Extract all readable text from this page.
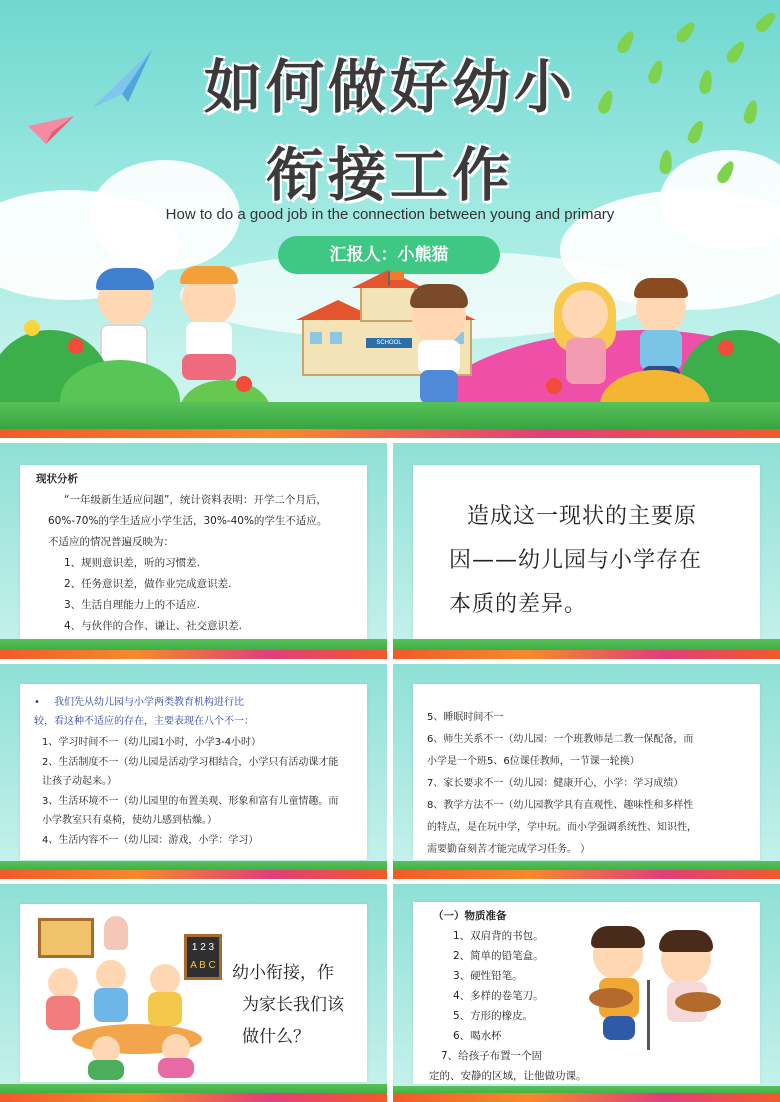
如何做好幼小
衔接工作
How to do a good job in the connection between young and primary
汇报人：小熊猫
SCHOOL
现状分析
“一年级新生适应问题”，统计资料表明：开学二个月后，
60%-70%的学生适应小学生活，30%-40%的学生不适应。
不适应的情况普遍反映为：
1、规则意识差，听的习惯差.
2、任务意识差，做作业完成意识差.
3、生活自理能力上的不适应.
4、与伙伴的合作、谦让、社交意识差.
造成这一现状的主要原
因——幼儿园与小学存在
本质的差异。
• 我们先从幼儿园与小学两类教育机构进行比
较，看这种不适应的存在，主要表现在八个不一：
1、学习时间不一（幼儿园1小时，小学3-4小时）
2、生活制度不一（幼儿园是活动学习相结合，小学只有活动课才能
让孩子动起来。）
3、生活环境不一（幼儿园里的布置美观、形象和富有儿童情趣。而
小学教室只有桌椅，使幼儿感到枯燥。）
4、生活内容不一（幼儿园：游戏，小学：学习）
5、睡眠时间不一
6、师生关系不一（幼儿园：一个班教师是二教一保配备，而
小学是一个班5、6位课任教师，一节课一轮换）
7、家长要求不一（幼儿园：健康开心，小学：学习成绩）
8、教学方法不一（幼儿园教学具有直观性、趣味性和多样性
的特点，是在玩中学，学中玩。而小学强调系统性、知识性，
需要勤奋刻苦才能完成学习任务。 ）
1 2 3
A B C 幼小衔接，作
为家长我们该
做什么？
（一）物质准备
1、双肩背的书包。
2、简单的铅笔盒。
3、硬性铅笔。
4、多样的卷笔刀。
5、方形的橡皮。
6、喝水杯
7、给孩子布置一个固
定的、安静的区域，让他做功课。
